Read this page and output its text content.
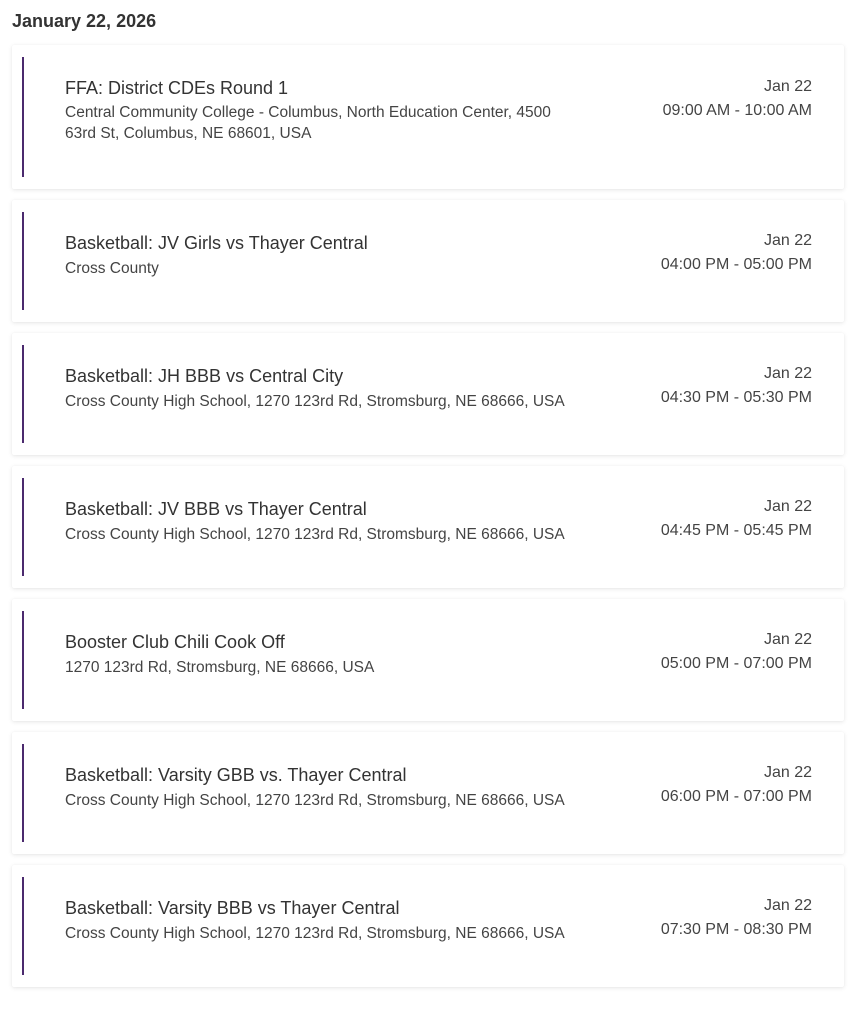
January 22, 2026
FFA: District CDEs Round 1
Central Community College - Columbus, North Education Center, 4500 63rd St, Columbus, NE 68601, USA
Jan 22
09:00 AM - 10:00 AM
Basketball: JV Girls vs Thayer Central
Cross County
Jan 22
04:00 PM - 05:00 PM
Basketball: JH BBB vs Central City
Cross County High School, 1270 123rd Rd, Stromsburg, NE 68666, USA
Jan 22
04:30 PM - 05:30 PM
Basketball: JV BBB vs Thayer Central
Cross County High School, 1270 123rd Rd, Stromsburg, NE 68666, USA
Jan 22
04:45 PM - 05:45 PM
Booster Club Chili Cook Off
1270 123rd Rd, Stromsburg, NE 68666, USA
Jan 22
05:00 PM - 07:00 PM
Basketball: Varsity GBB vs. Thayer Central
Cross County High School, 1270 123rd Rd, Stromsburg, NE 68666, USA
Jan 22
06:00 PM - 07:00 PM
Basketball: Varsity BBB vs Thayer Central
Cross County High School, 1270 123rd Rd, Stromsburg, NE 68666, USA
Jan 22
07:30 PM - 08:30 PM
